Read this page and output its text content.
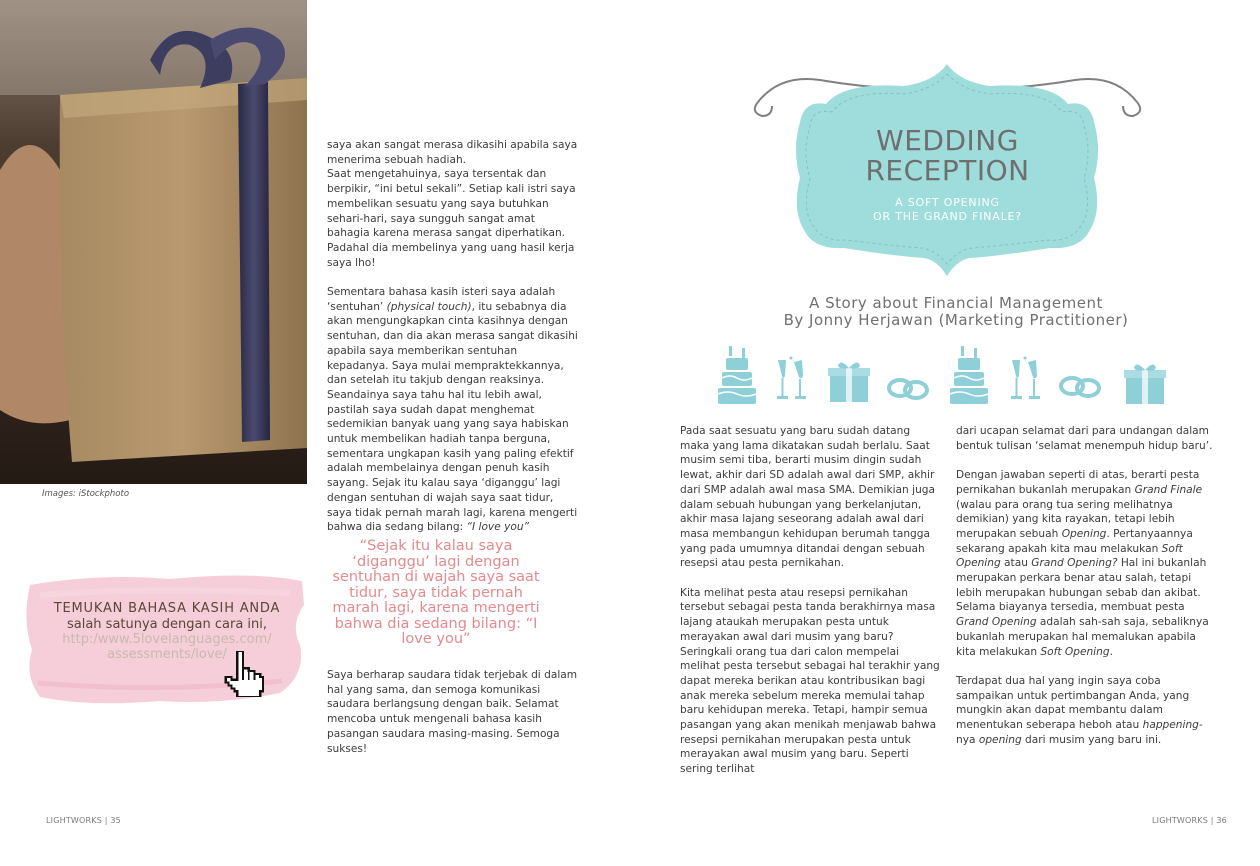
Images: iStockphoto

saya akan sangat merasa dikasihi apabila saya menerima sebuah hadiah.
Saat mengetahuinya, saya tersentak dan berpikir, “ini betul sekali”. Setiap kali istri saya membelikan sesuatu yang saya butuhkan sehari-hari, saya sungguh sangat amat bahagia karena merasa sangat diperhatikan. Padahal dia membelinya yang uang hasil kerja saya lho!

Sementara bahasa kasih isteri saya adalah ‘sentuhan’ (physical touch), itu sebabnya dia akan mengungkapkan cinta kasihnya dengan sentuhan, dan dia akan merasa sangat dikasihi apabila saya memberikan sentuhan kepadanya. Saya mulai mempraktekkannya, dan setelah itu takjub dengan reaksinya.
Seandainya saya tahu hal itu lebih awal, pastilah saya sudah dapat menghemat sedemikian banyak uang yang saya habiskan untuk membelikan hadiah tanpa berguna, sementara ungkapan kasih yang paling efektif adalah membelainya dengan penuh kasih sayang. Sejak itu kalau saya ‘diganggu’ lagi dengan sentuhan di wajah saya saat tidur, saya tidak pernah marah lagi, karena mengerti bahwa dia sedang bilang: “I love you”

“Sejak itu kalau saya ‘diganggu’ lagi dengan sentuhan di wajah saya saat tidur, saya tidak pernah marah lagi, karena mengerti bahwa dia sedang bilang: “I love you”

Saya berharap saudara tidak terjebak di dalam hal yang sama, dan semoga komunikasi saudara berlangsung dengan baik. Selamat mencoba untuk mengenali bahasa kasih pasangan saudara masing-masing. Semoga sukses!

TEMUKAN BAHASA KASIH ANDA
salah satunya dengan cara ini,
http:/www.5lovelanguages.com/ assessments/love/
LIGHTWORKS | 35
WEDDING
RECEPTION
A SOFT OPENING
OR THE GRAND FINALE?
A Story about Financial Management
By Jonny Herjawan (Marketing Practitioner)

Pada saat sesuatu yang baru sudah datang maka yang lama dikatakan sudah berlalu. Saat musim semi tiba, berarti musim dingin sudah lewat, akhir dari SD adalah awal dari SMP, akhir dari SMP adalah awal masa SMA. Demikian juga dalam sebuah hubungan yang berkelanjutan, akhir masa lajang seseorang adalah awal dari masa membangun kehidupan berumah tangga yang pada umumnya ditandai dengan sebuah resepsi atau pesta pernikahan.

Kita melihat pesta atau resepsi pernikahan tersebut sebagai pesta tanda berakhirnya masa lajang ataukah merupakan pesta untuk merayakan awal dari musim yang baru? Seringkali orang tua dari calon mempelai melihat pesta tersebut sebagai hal terakhir yang dapat mereka berikan atau kontribusikan bagi anak mereka sebelum mereka memulai tahap baru kehidupan mereka. Tetapi, hampir semua pasangan yang akan menikah menjawab bahwa resepsi pernikahan merupakan pesta untuk merayakan awal musim yang baru. Seperti sering terlihat

dari ucapan selamat dari para undangan dalam bentuk tulisan ‘selamat menempuh hidup baru’.

Dengan jawaban seperti di atas, berarti pesta pernikahan bukanlah merupakan Grand Finale (walau para orang tua sering melihatnya demikian) yang kita rayakan, tetapi lebih merupakan sebuah Opening. Pertanyaannya sekarang apakah kita mau melakukan Soft Opening atau Grand Opening? Hal ini bukanlah merupakan perkara benar atau salah, tetapi lebih merupakan hubungan sebab dan akibat. Selama biayanya tersedia, membuat pesta Grand Opening adalah sah-sah saja, sebaliknya bukanlah merupakan hal memalukan apabila kita melakukan Soft Opening.

Terdapat dua hal yang ingin saya coba sampaikan untuk pertimbangan Anda, yang mungkin akan dapat membantu dalam menentukan seberapa heboh atau happening-nya opening dari musim yang baru ini.

LIGHTWORKS | 36
